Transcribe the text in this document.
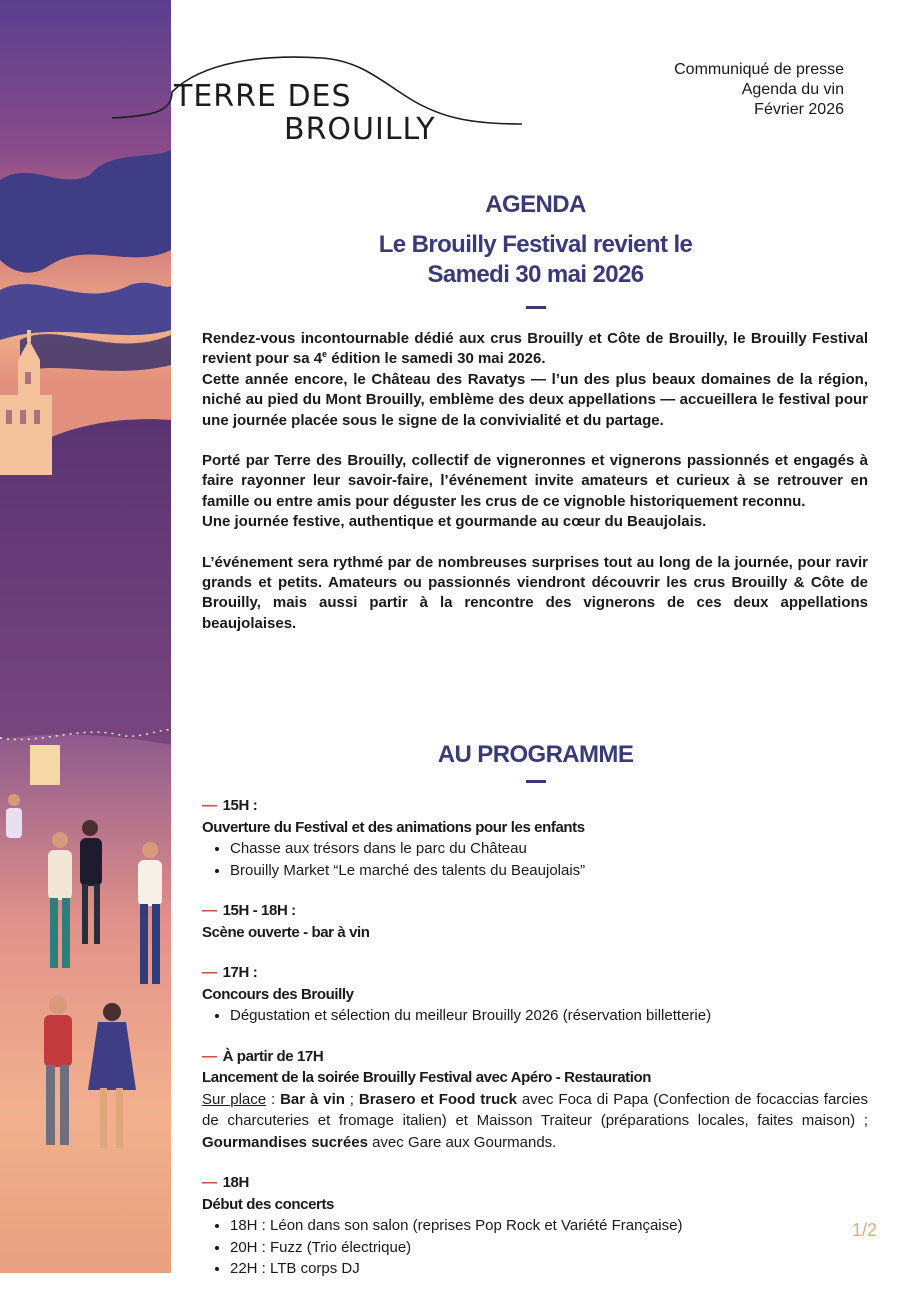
TERRE DES
BROUILLY
Communiqué de presse
Agenda du vin
Février 2026
AGENDA
Le Brouilly Festival revient le
Samedi 30 mai 2026

Rendez-vous incontournable dédié aux crus Brouilly et Côte de Brouilly, le Brouilly Festival revient pour sa 4e édition le samedi 30 mai 2026.
Cette année encore, le Château des Ravatys — l’un des plus beaux domaines de la région, niché au pied du Mont Brouilly, emblème des deux appellations — accueillera le festival pour une journée placée sous le signe de la convivialité et du partage.

Porté par Terre des Brouilly, collectif de vigneronnes et vignerons passionnés et engagés à faire rayonner leur savoir-faire, l’événement invite amateurs et curieux à se retrouver en famille ou entre amis pour déguster les crus de ce vignoble historiquement reconnu.
Une journée festive, authentique et gourmande au cœur du Beaujolais.

L’événement sera rythmé par de nombreuses surprises tout au long de la journée, pour ravir grands et petits. Amateurs ou passionnés viendront découvrir les crus Brouilly & Côte de Brouilly, mais aussi partir à la rencontre des vignerons de ces deux appellations beaujolaises.

AU PROGRAMME
— 15H :
Ouverture du Festival et des animations pour les enfants
• Chasse aux trésors dans le parc du Château
• Brouilly Market “Le marché des talents du Beaujolais”
— 15H - 18H :
Scène ouverte - bar à vin
— 17H :
Concours des Brouilly
• Dégustation et sélection du meilleur Brouilly 2026 (réservation billetterie)
— À partir de 17H
Lancement de la soirée Brouilly Festival avec Apéro - Restauration
Sur place : Bar à vin ; Brasero et Food truck avec Foca di Papa (Confection de focaccias farcies de charcuteries et fromage italien) et Maisson Traiteur (préparations locales, faites maison) ; Gourmandises sucrées avec Gare aux Gourmands.
— 18H
Début des concerts
• 18H : Léon dans son salon (reprises Pop Rock et Variété Française)
• 20H : Fuzz (Trio électrique)
• 22H : LTB corps DJ
1/2
